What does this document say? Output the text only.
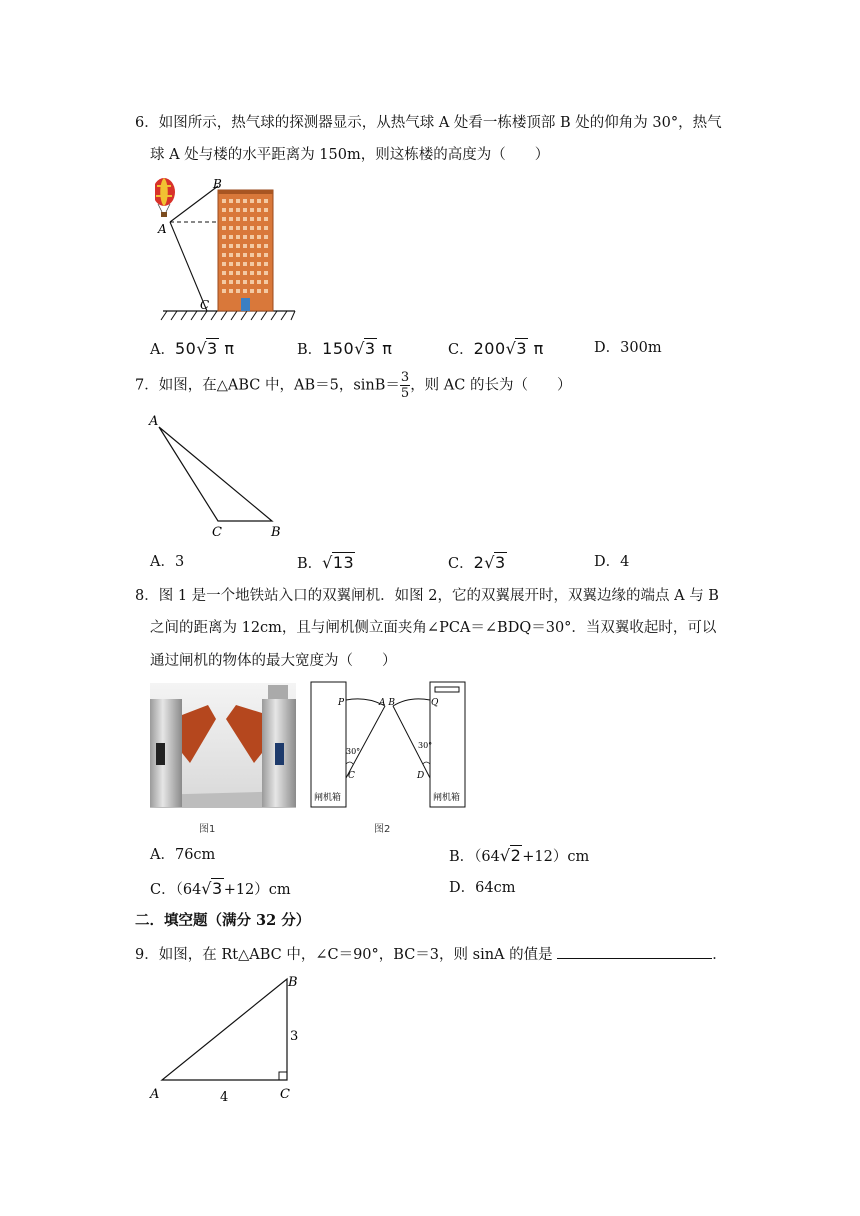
6．如图所示，热气球的探测器显示，从热气球 A 处看一栋楼顶部 B 处的仰角为 30°，热气
球 A 处与楼的水平距离为 150m，则这栋楼的高度为（　　）
B
A
C
A．50√3 π	B．150√3 π	C．200√3 π	D．300m
7．如图，在△ABC 中，AB＝5，$\sin B= \frac{3}{5}$ ，则 AC 的长为（　　）
A
C	B
A．3	B．√13	C．2√3	D．4
8．图 1 是一个地铁站入口的双翼闸机．如图 2，它的双翼展开时，双翼边缘的端点 A 与 B
之间的距离为 12cm，且与闸机侧立面夹角∠PCA＝∠BDQ＝30°．当双翼收起时，可以
通过闸机的物体的最大宽度为（　　）
图1
P	A B	Q
30°
30°
C	D
闸机箱	闸机箱
图2
A．76cm	B．（64√2+12）cm
C．（64√3+12）cm	D．64cm
二．填空题（满分 32 分）
9．如图，在 Rt△ABC 中，∠C＝90°，BC＝3，则 sinA 的值是	．
B
A	C
3
4
